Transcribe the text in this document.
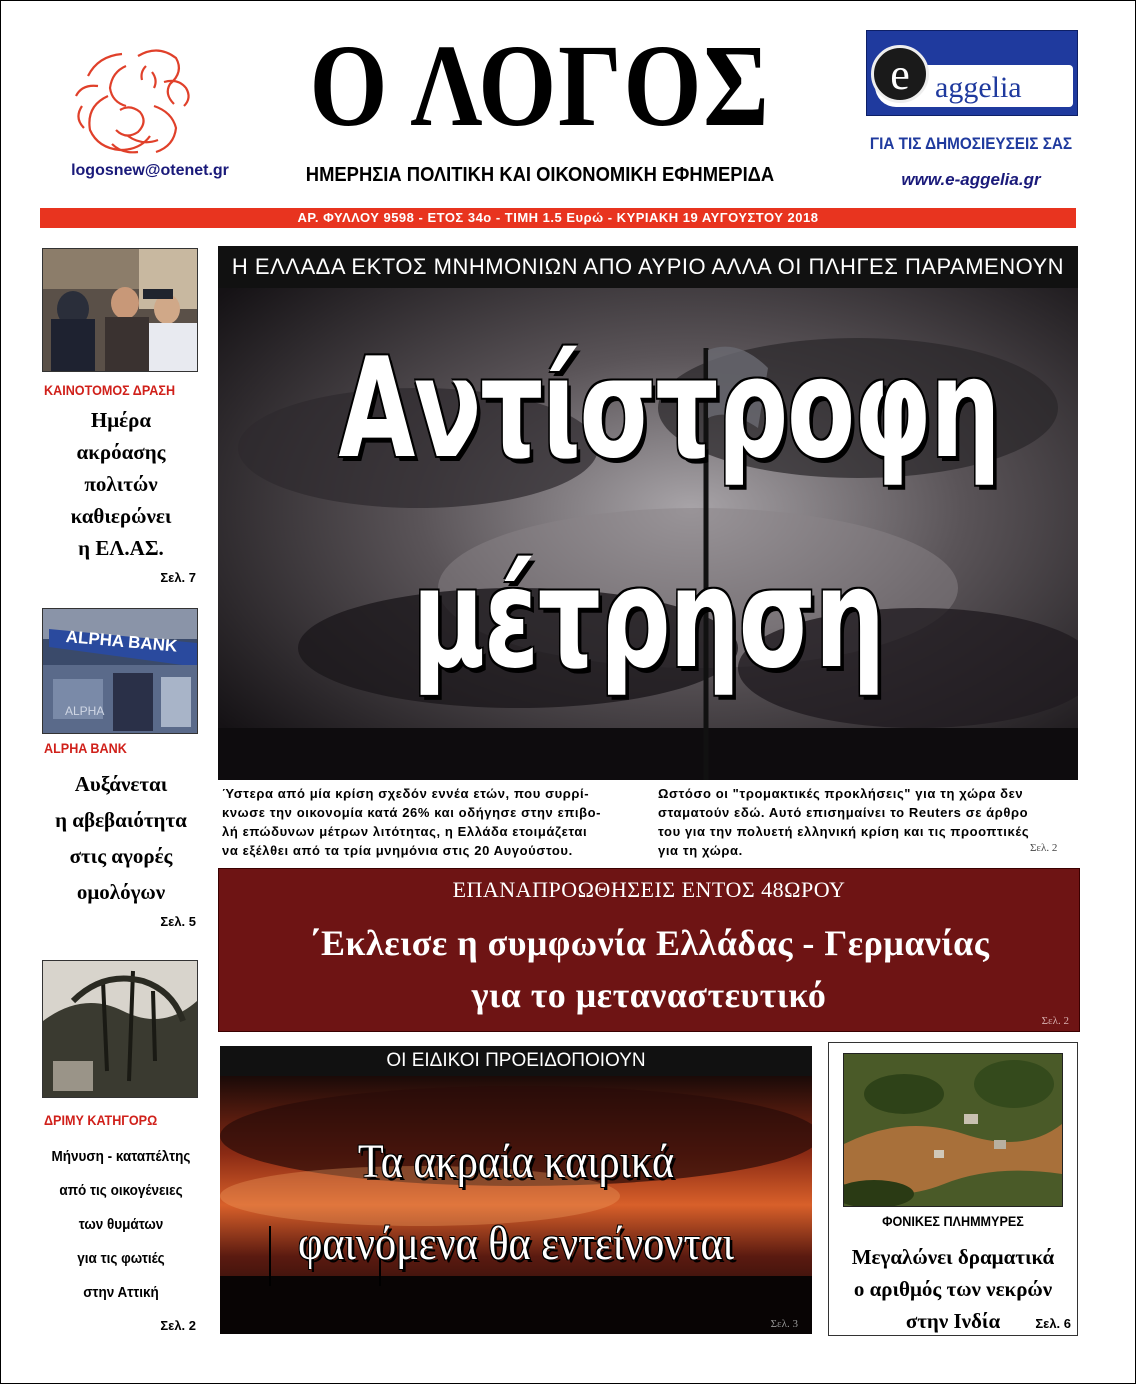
logosnew@otenet.gr
Ο ΛΟΓΟΣ
ΗΜΕΡΗΣΙΑ ΠΟΛΙΤΙΚΗ ΚΑΙ ΟΙΚΟΝΟΜΙΚΗ ΕΦΗΜΕΡΙΔΑ
e aggelia
ΓΙΑ ΤΙΣ ΔΗΜΟΣΙΕΥΣΕΙΣ ΣΑΣ
www.e-aggelia.gr
ΑΡ. ΦΥΛΛΟΥ 9598 - ΕΤΟΣ 34ο - ΤΙΜΗ 1.5 Ευρώ - ΚΥΡΙΑΚΗ 19 ΑΥΓΟΥΣΤΟΥ 2018
ΚΑΙΝΟΤΟΜΟΣ ΔΡΑΣΗ
Ημέρα
ακρόασης
πολιτών
καθιερώνει
η ΕΛ.ΑΣ.
Σελ. 7
ALPHA BANK
ALPHA
ALPHA BANK
Αυξάνεται
η αβεβαιότητα
στις αγορές
ομολόγων
Σελ. 5
ΔΡΙΜΥ ΚΑΤΗΓΟΡΩ
Μήνυση - καταπέλτης
από τις οικογένειες
των θυμάτων
για τις φωτιές
στην Αττική
Σελ. 2
Η ΕΛΛΑΔΑ ΕΚΤΟΣ ΜΝΗΜΟΝΙΩΝ ΑΠΟ ΑΥΡΙΟ ΑΛΛΑ ΟΙ ΠΛΗΓΕΣ ΠΑΡΑΜΕΝΟΥΝ
Αντίστροφη
μέτρηση
Ύστερα από μία κρίση σχεδόν εννέα ετών, που συρρί-
κνωσε την οικονομία κατά 26% και οδήγησε στην επιβο-
λή επώδυνων μέτρων λιτότητας, η Ελλάδα ετοιμάζεται
να εξέλθει από τα τρία μνημόνια στις 20 Αυγούστου.
Ωστόσο οι "τρομακτικές προκλήσεις" για τη χώρα δεν
σταματούν εδώ. Αυτό επισημαίνει το Reuters σε άρθρο
του για την πολυετή ελληνική κρίση και τις προοπτικές
για τη χώρα.	Σελ. 2
ΕΠΑΝΑΠΡΟΩΘΗΣΕΙΣ ΕΝΤΟΣ 48ΩΡΟΥ
΄Εκλεισε η συμφωνία Ελλάδας - Γερμανίας
για το μεταναστευτικό
Σελ. 2
ΟΙ ΕΙΔΙΚΟΙ ΠΡΟΕΙΔΟΠΟΙΟΥΝ
Τα ακραία καιρικά
φαινόμενα θα εντείνονται
Σελ. 3
ΦΟΝΙΚΕΣ ΠΛΗΜΜΥΡΕΣ
Μεγαλώνει δραματικά
ο αριθμός των νεκρών
στην Ινδία	Σελ. 6
